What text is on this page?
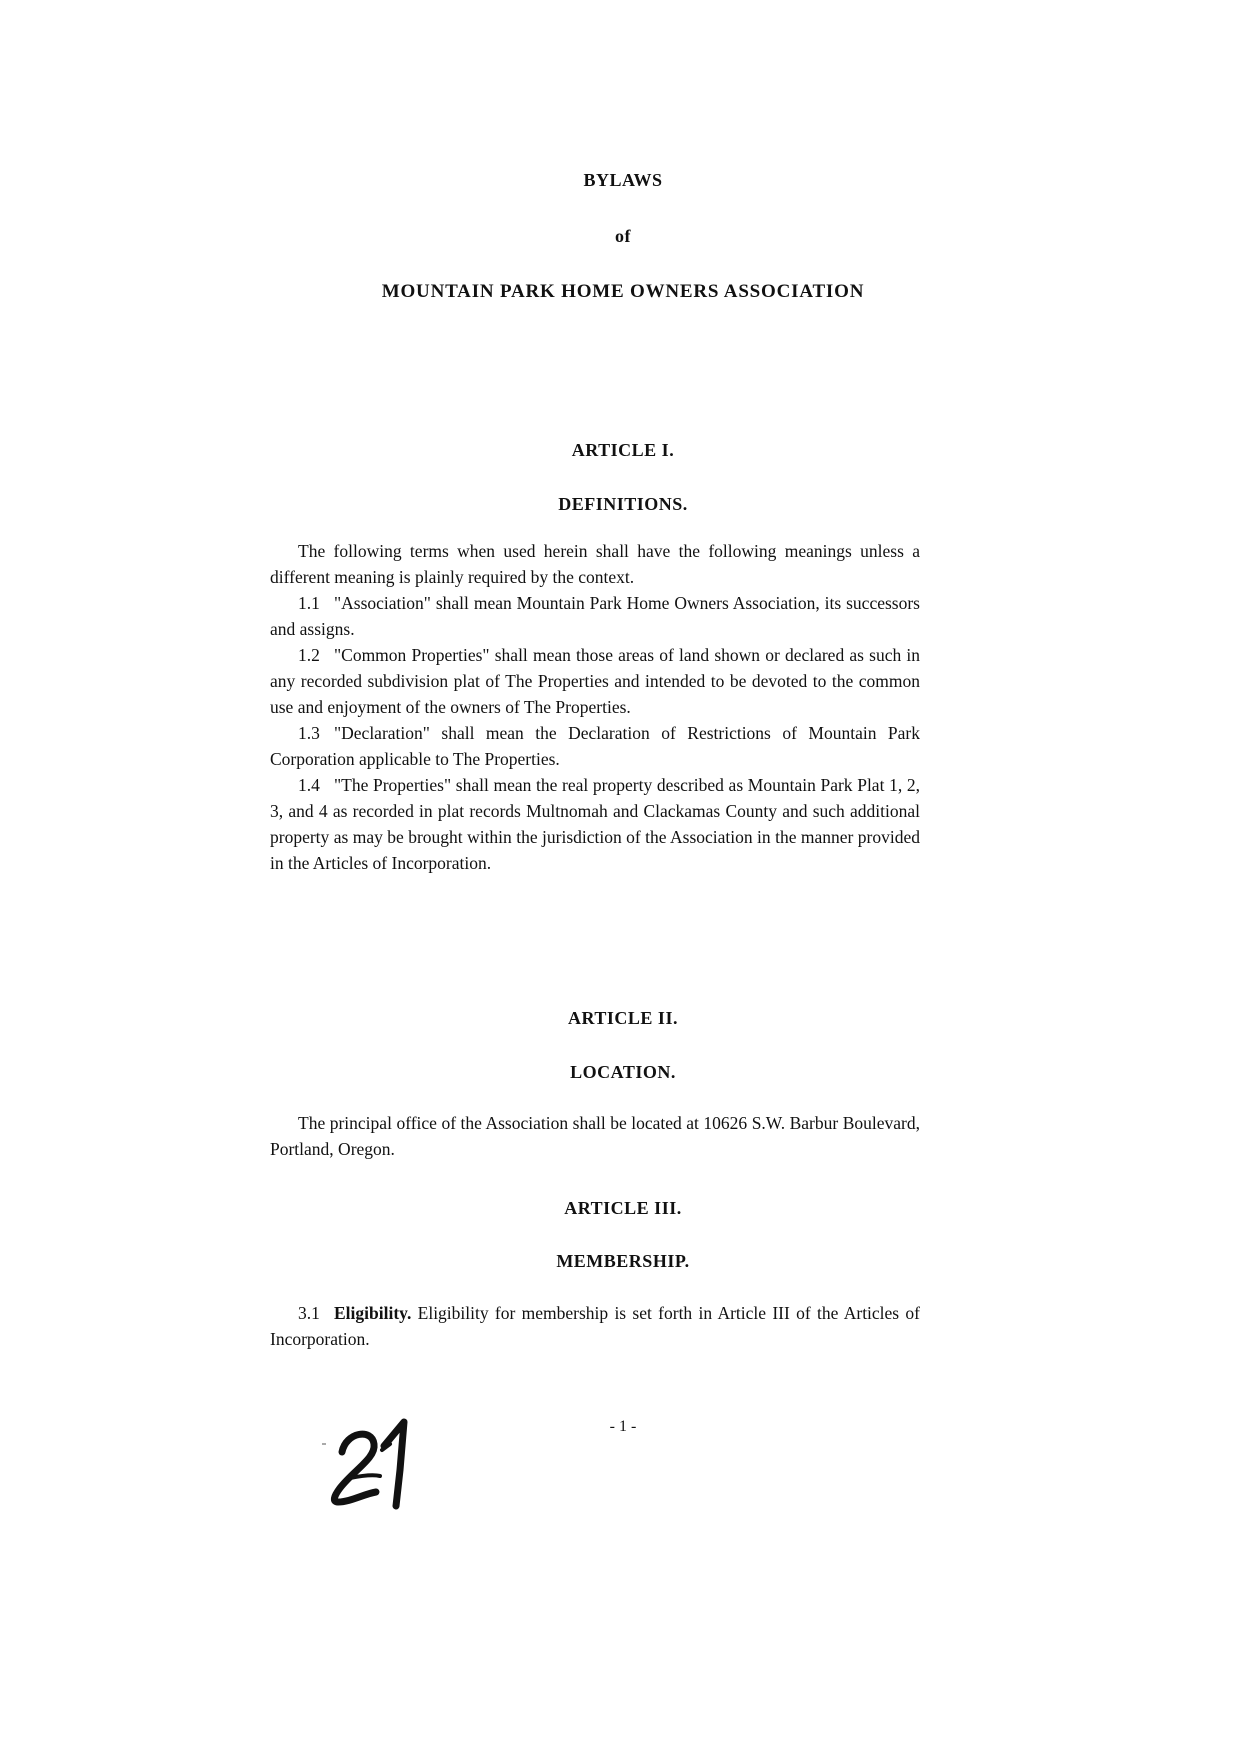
BYLAWS
of
MOUNTAIN PARK HOME OWNERS ASSOCIATION
ARTICLE I.
DEFINITIONS.

The following terms when used herein shall have the following meanings unless a different meaning is plainly required by the context.

1.1 "Association" shall mean Mountain Park Home Owners Association, its successors and assigns.

1.2 "Common Properties" shall mean those areas of land shown or declared as such in any recorded subdivision plat of The Properties and intended to be devoted to the common use and enjoyment of the owners of The Properties.

1.3 "Declaration" shall mean the Declaration of Restrictions of Mountain Park Corporation applicable to The Properties.

1.4 "The Properties" shall mean the real property described as Mountain Park Plat 1, 2, 3, and 4 as recorded in plat records Multnomah and Clackamas County and such additional property as may be brought within the jurisdiction of the Association in the manner provided in the Articles of Incorporation.

ARTICLE II.
LOCATION.

The principal office of the Association shall be located at 10626 S.W. Barbur Boulevard, Portland, Oregon.

ARTICLE III.
MEMBERSHIP.

3.1 Eligibility. Eligibility for membership is set forth in Article III of the Articles of Incorporation.

- 1 -
